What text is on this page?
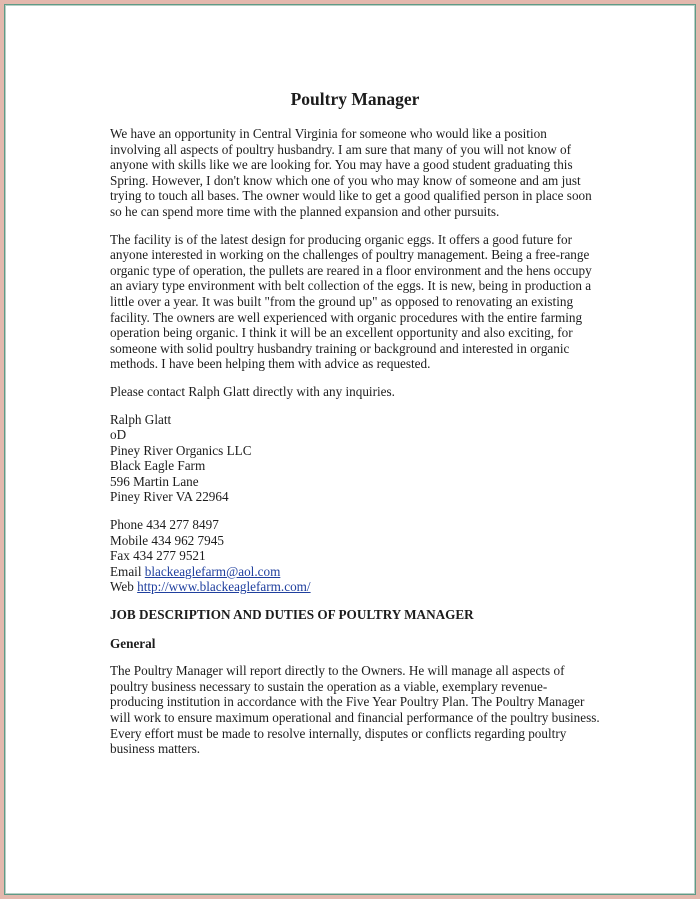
Poultry Manager

We have an opportunity in Central Virginia for someone who would like a position involving all aspects of poultry husbandry. I am sure that many of you will not know of anyone with skills like we are looking for. You may have a good student graduating this Spring. However, I don't know which one of you who may know of someone and am just trying to touch all bases. The owner would like to get a good qualified person in place soon so he can spend more time with the planned expansion and other pursuits.

The facility is of the latest design for producing organic eggs. It offers a good future for anyone interested in working on the challenges of poultry management. Being a free-range organic type of operation, the pullets are reared in a floor environment and the hens occupy an aviary type environment with belt collection of the eggs. It is new, being in production a little over a year. It was built "from the ground up" as opposed to renovating an existing facility. The owners are well experienced with organic procedures with the entire farming operation being organic. I think it will be an excellent opportunity and also exciting, for someone with solid poultry husbandry training or background and interested in organic methods. I have been helping them with advice as requested.

Please contact Ralph Glatt directly with any inquiries.

Ralph Glatt
oD
Piney River Organics LLC
Black Eagle Farm
596 Martin Lane
Piney River VA 22964
Phone 434 277 8497
Mobile 434 962 7945
Fax 434 277 9521
Email blackeaglefarm@aol.com
Web http://www.blackeaglefarm.com/
JOB DESCRIPTION AND DUTIES OF POULTRY MANAGER
General

The Poultry Manager will report directly to the Owners. He will manage all aspects of poultry business necessary to sustain the operation as a viable, exemplary revenue-producing institution in accordance with the Five Year Poultry Plan. The Poultry Manager will work to ensure maximum operational and financial performance of the poultry business. Every effort must be made to resolve internally, disputes or conflicts regarding poultry business matters.
